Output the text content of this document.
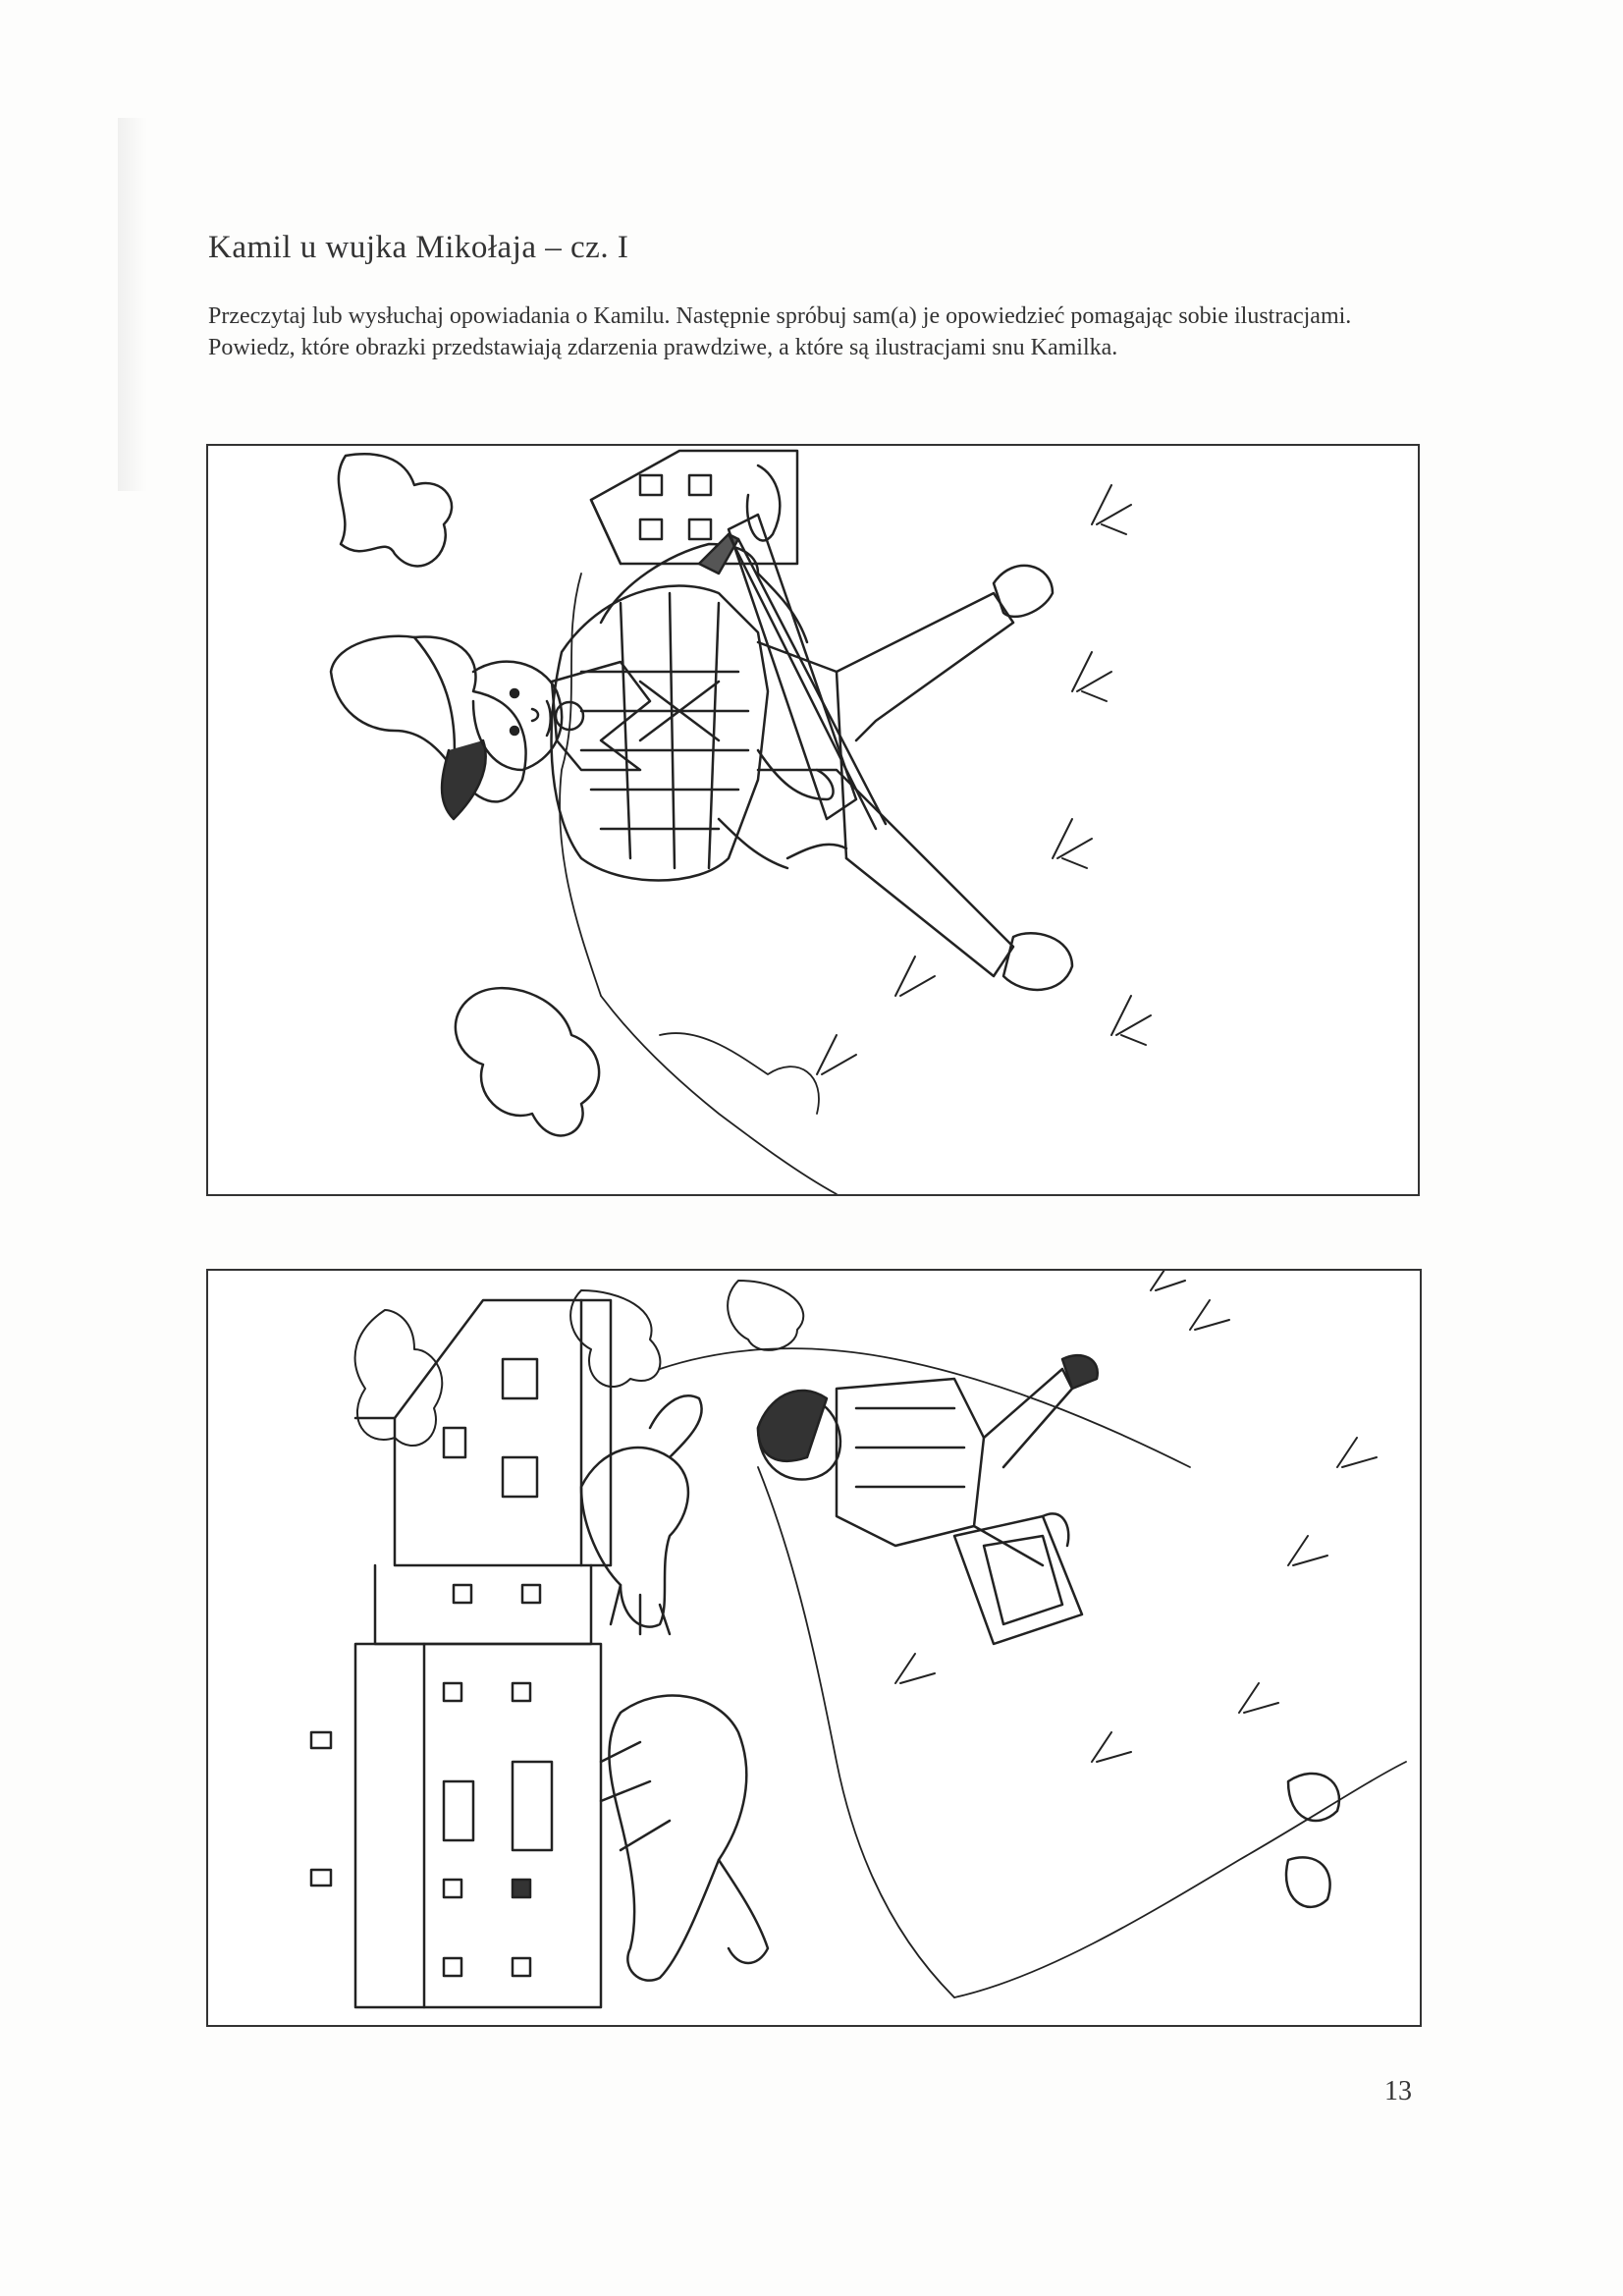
Kamil u wujka Mikołaja – cz. I

Przeczytaj lub wysłuchaj opowiadania o Kamilu. Następnie spróbuj sam(a) je opowiedzieć pomagając sobie ilustracjami.

Powiedz, które obrazki przedstawiają zdarzenia prawdziwe, a które są ilustracjami snu Kamilka.

13
